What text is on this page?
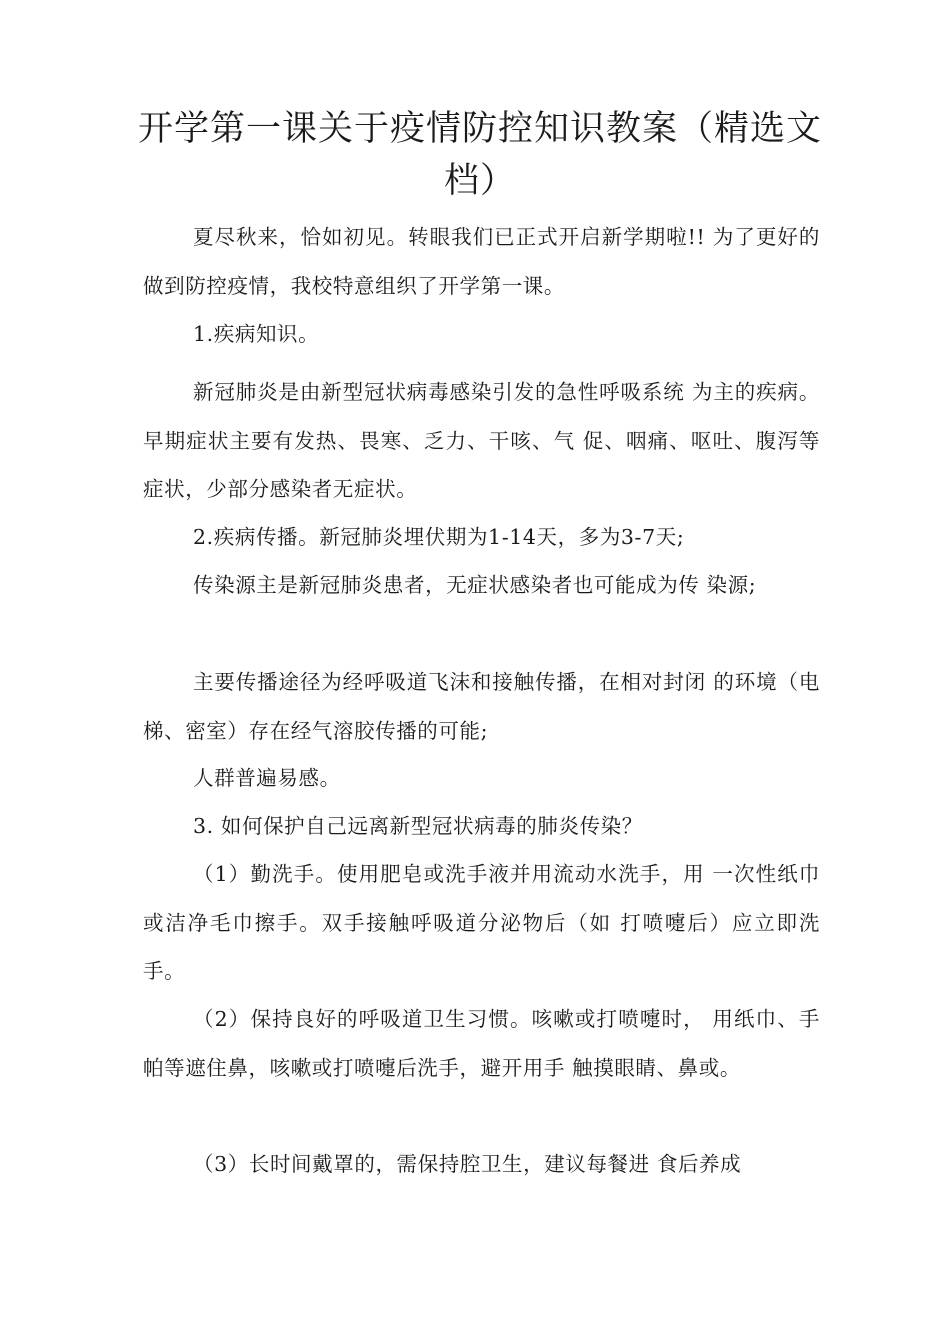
开学第一课关于疫情防控知识教案（精选文档）

夏尽秋来，恰如初见。转眼我们已正式开启新学期啦!! 为了更好的做到防控疫情，我校特意组织了开学第一课。

1.疾病知识。

新冠肺炎是由新型冠状病毒感染引发的急性呼吸系统 为主的疾病。早期症状主要有发热、畏寒、乏力、干咳、气 促、咽痛、呕吐、腹泻等症状，少部分感染者无症状。

2.疾病传播。新冠肺炎埋伏期为1-14天，多为3-7天;

传染源主是新冠肺炎患者，无症状感染者也可能成为传 染源;

主要传播途径为经呼吸道飞沫和接触传播，在相对封闭 的环境（电梯、密室）存在经气溶胶传播的可能;

人群普遍易感。

3. 如何保护自己远离新型冠状病毒的肺炎传染？

（1）勤洗手。使用肥皂或洗手液并用流动水洗手，用 一次性纸巾或洁净毛巾擦手。双手接触呼吸道分泌物后（如 打喷嚏后）应立即洗手。

（2）保持良好的呼吸道卫生习惯。咳嗽或打喷嚏时， 用纸巾、手帕等遮住鼻，咳嗽或打喷嚏后洗手，避开用手 触摸眼睛、鼻或。

（3）长时间戴罩的，需保持腔卫生，建议每餐进 食后养成
